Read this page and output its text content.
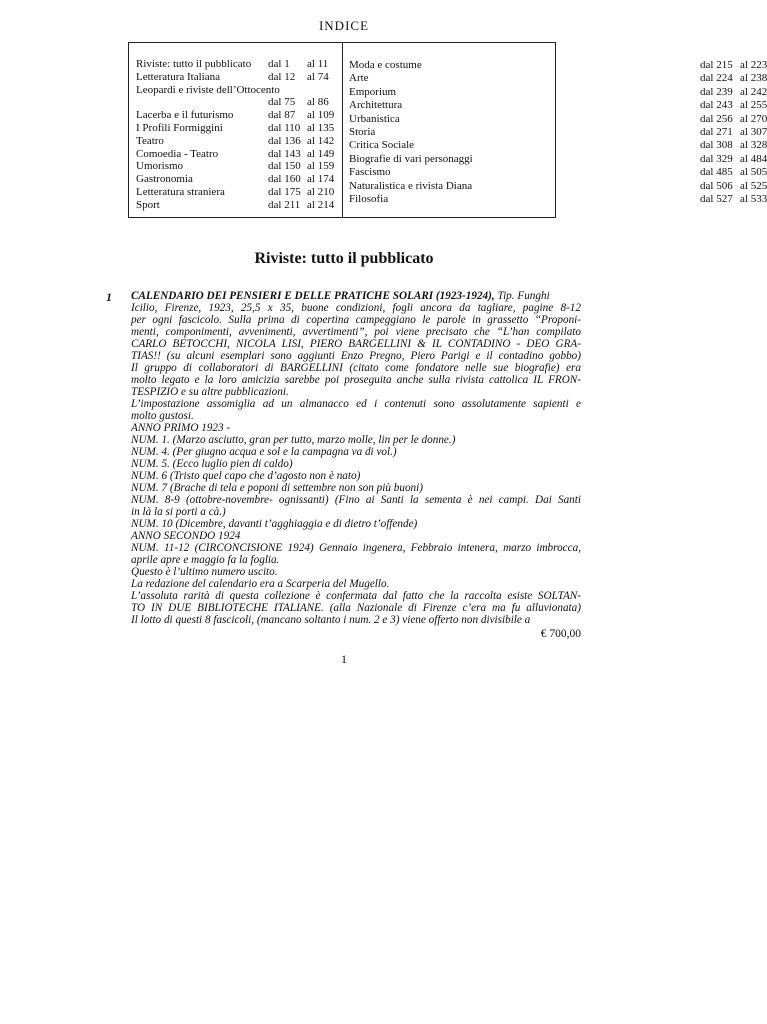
INDICE
Riviste: tutto il pubblicato dal 1 al 11
Letteratura Italiana	dal 12 al 74
Leopardi e riviste dell’Ottocento
dal 75 al 86
Lacerba e il futurismo	dal 87 al 109
I Profili Formiggini	dal 110 al 135
Teatro	dal 136 al 142
Comoedia - Teatro	dal 143 al 149
Umorismo	dal 150 al 159
Gastronomia	dal 160 al 174
Letteratura straniera	dal 175 al 210
Sport	dal 211 al 214
Moda e costume	dal 215 al 223
Arte	dal 224 al 238
Emporium	dal 239 al 242
Architettura	dal 243 al 255
Urbanistica	dal 256 al 270
Storia	dal 271 al 307
Critica Sociale	dal 308 al 328
Biografie di vari personaggi	dal 329 al 484
Fascismo	dal 485 al 505
Naturalistica e rivista Diana	dal 506 al 525
Filosofia	dal 527 al 533
Riviste: tutto il pubblicato
1 CALENDARIO DEI PENSIERI E DELLE PRATICHE SOLARI (1923-1924), Tip. Funghi
Icilio, Firenze, 1923, 25,5 x 35, buone condizioni, fogli ancora da tagliare, pagine 8-12
per ogni fascicolo. Sulla prima di copertina campeggiano le parole in grassetto “Proponi-
menti, componimenti, avvenimenti, avvertimenti”, poi viene precisato che “L’han compilato
CARLO BETOCCHI, NICOLA LISI, PIERO BARGELLINI & IL CONTADINO - DEO GRA-
TIAS!! (su alcuni esemplari sono aggiunti Enzo Pregno, Piero Parigi e il contadino gobbo)
Il gruppo di collaboratori di BARGELLINI (citato come fondatore nelle sue biografie) era
molto legato e la loro amicizia sarebbe poi proseguita anche sulla rivista cattolica IL FRON-
TESPIZIO e su altre pubblicazioni.
L’impostazione assomiglia ad un almanacco ed i contenuti sono assolutamente sapienti e
molto gustosi.
ANNO PRIMO 1923 -
NUM. 1. (Marzo asciutto, gran per tutto, marzo molle, lin per le donne.)
NUM. 4. (Per giugno acqua e sol e la campagna va di vol.)
NUM. 5. (Ecco luglio pien di caldo)
NUM. 6 (Tristo quel capo che d’agosto non è nato)
NUM. 7 (Brache di tela e poponi di settembre non son più buoni)
NUM. 8-9 (ottobre-novembre- ognissanti) (Fino ai Santi la sementa è nei campi. Dai Santi
in là la si porti a cà.)
NUM. 10 (Dicembre, davanti t’agghiaggia e di dietro t’offende)
ANNO SECONDO 1924
NUM. 11-12 (CIRCONCISIONE 1924) Gennaio ingenera, Febbraio intenera, marzo imbrocca,
aprile apre e maggio fa la foglia.
Questo è l’ultimo numero uscito.
La redazione del calendario era a Scarperia del Mugello.
L’assoluta rarità di questa collezione è confermata dal fatto che la raccolta esiste SOLTAN-
TO IN DUE BIBLIOTECHE ITALIANE. (alla Nazionale di Firenze c’era ma fu alluvionata)
Il lotto di questi 8 fascicoli, (mancano soltanto i num. 2 e 3) viene offerto non divisibile a
€ 700,00
1
